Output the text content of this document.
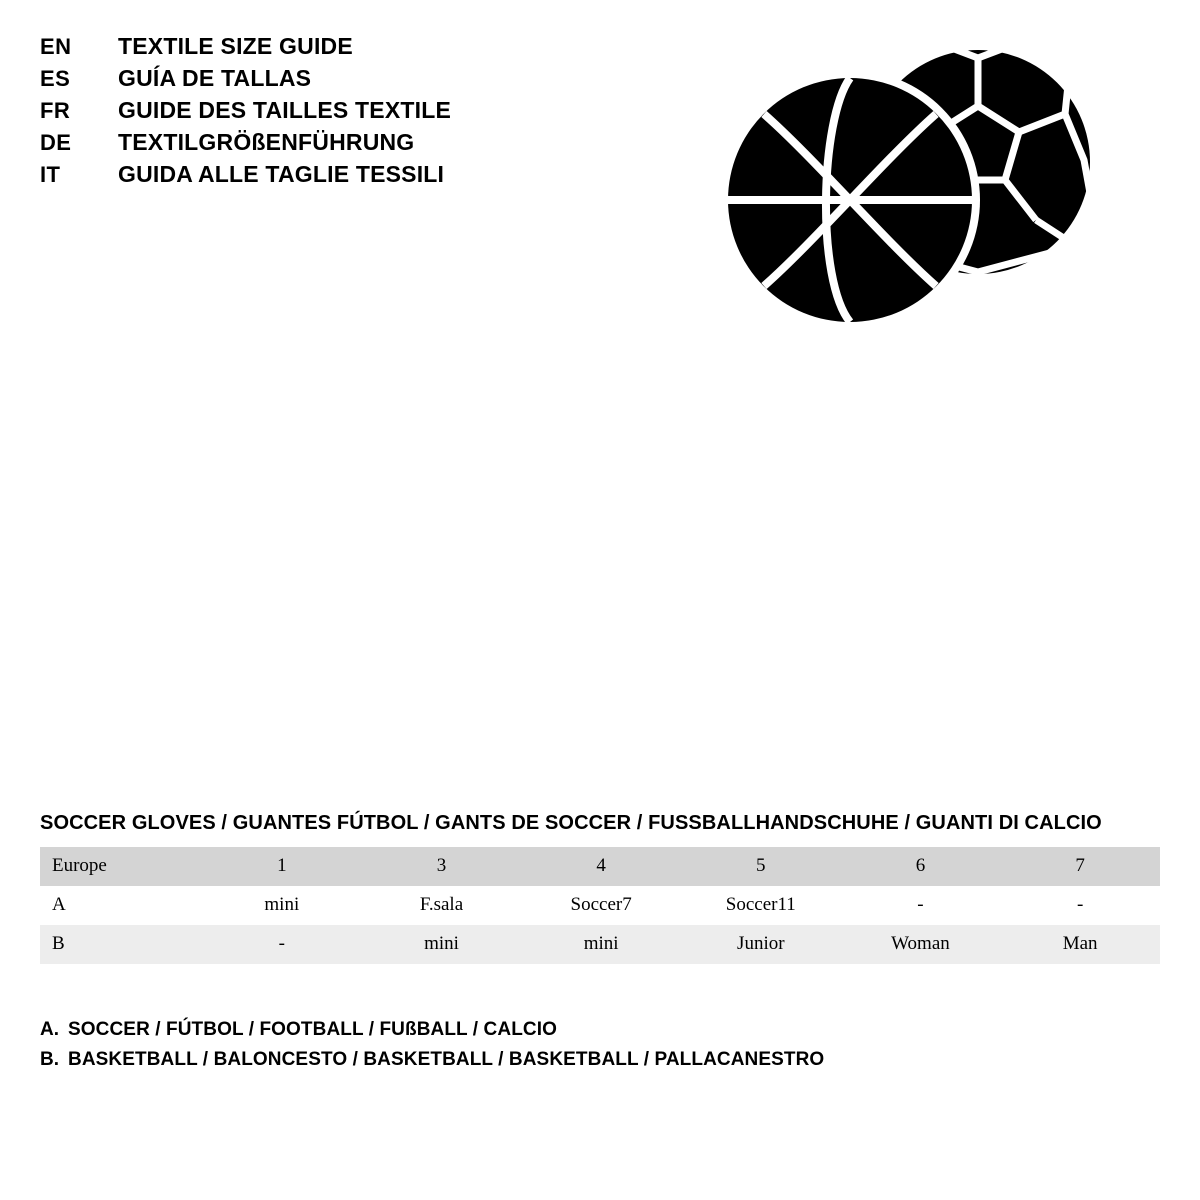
EN	TEXTILE SIZE GUIDE
ES	GUÍA DE TALLAS
FR	GUIDE DES TAILLES TEXTILE
DE	TEXTILGRÖßENFÜHRUNG
IT	GUIDA ALLE TAGLIE TESSILI
SOCCER GLOVES / GUANTES FÚTBOL / GANTS DE SOCCER / FUSSBALLHANDSCHUHE / GUANTI DI CALCIO
Europe	1	3	4	5	6	7
A	mini	F.sala	Soccer7	Soccer11	-	-
B	-	mini	mini	Junior	Woman	Man
A. SOCCER / FÚTBOL / FOOTBALL / FUßBALL / CALCIO
B. BASKETBALL / BALONCESTO / BASKETBALL / BASKETBALL / PALLACANESTRO
